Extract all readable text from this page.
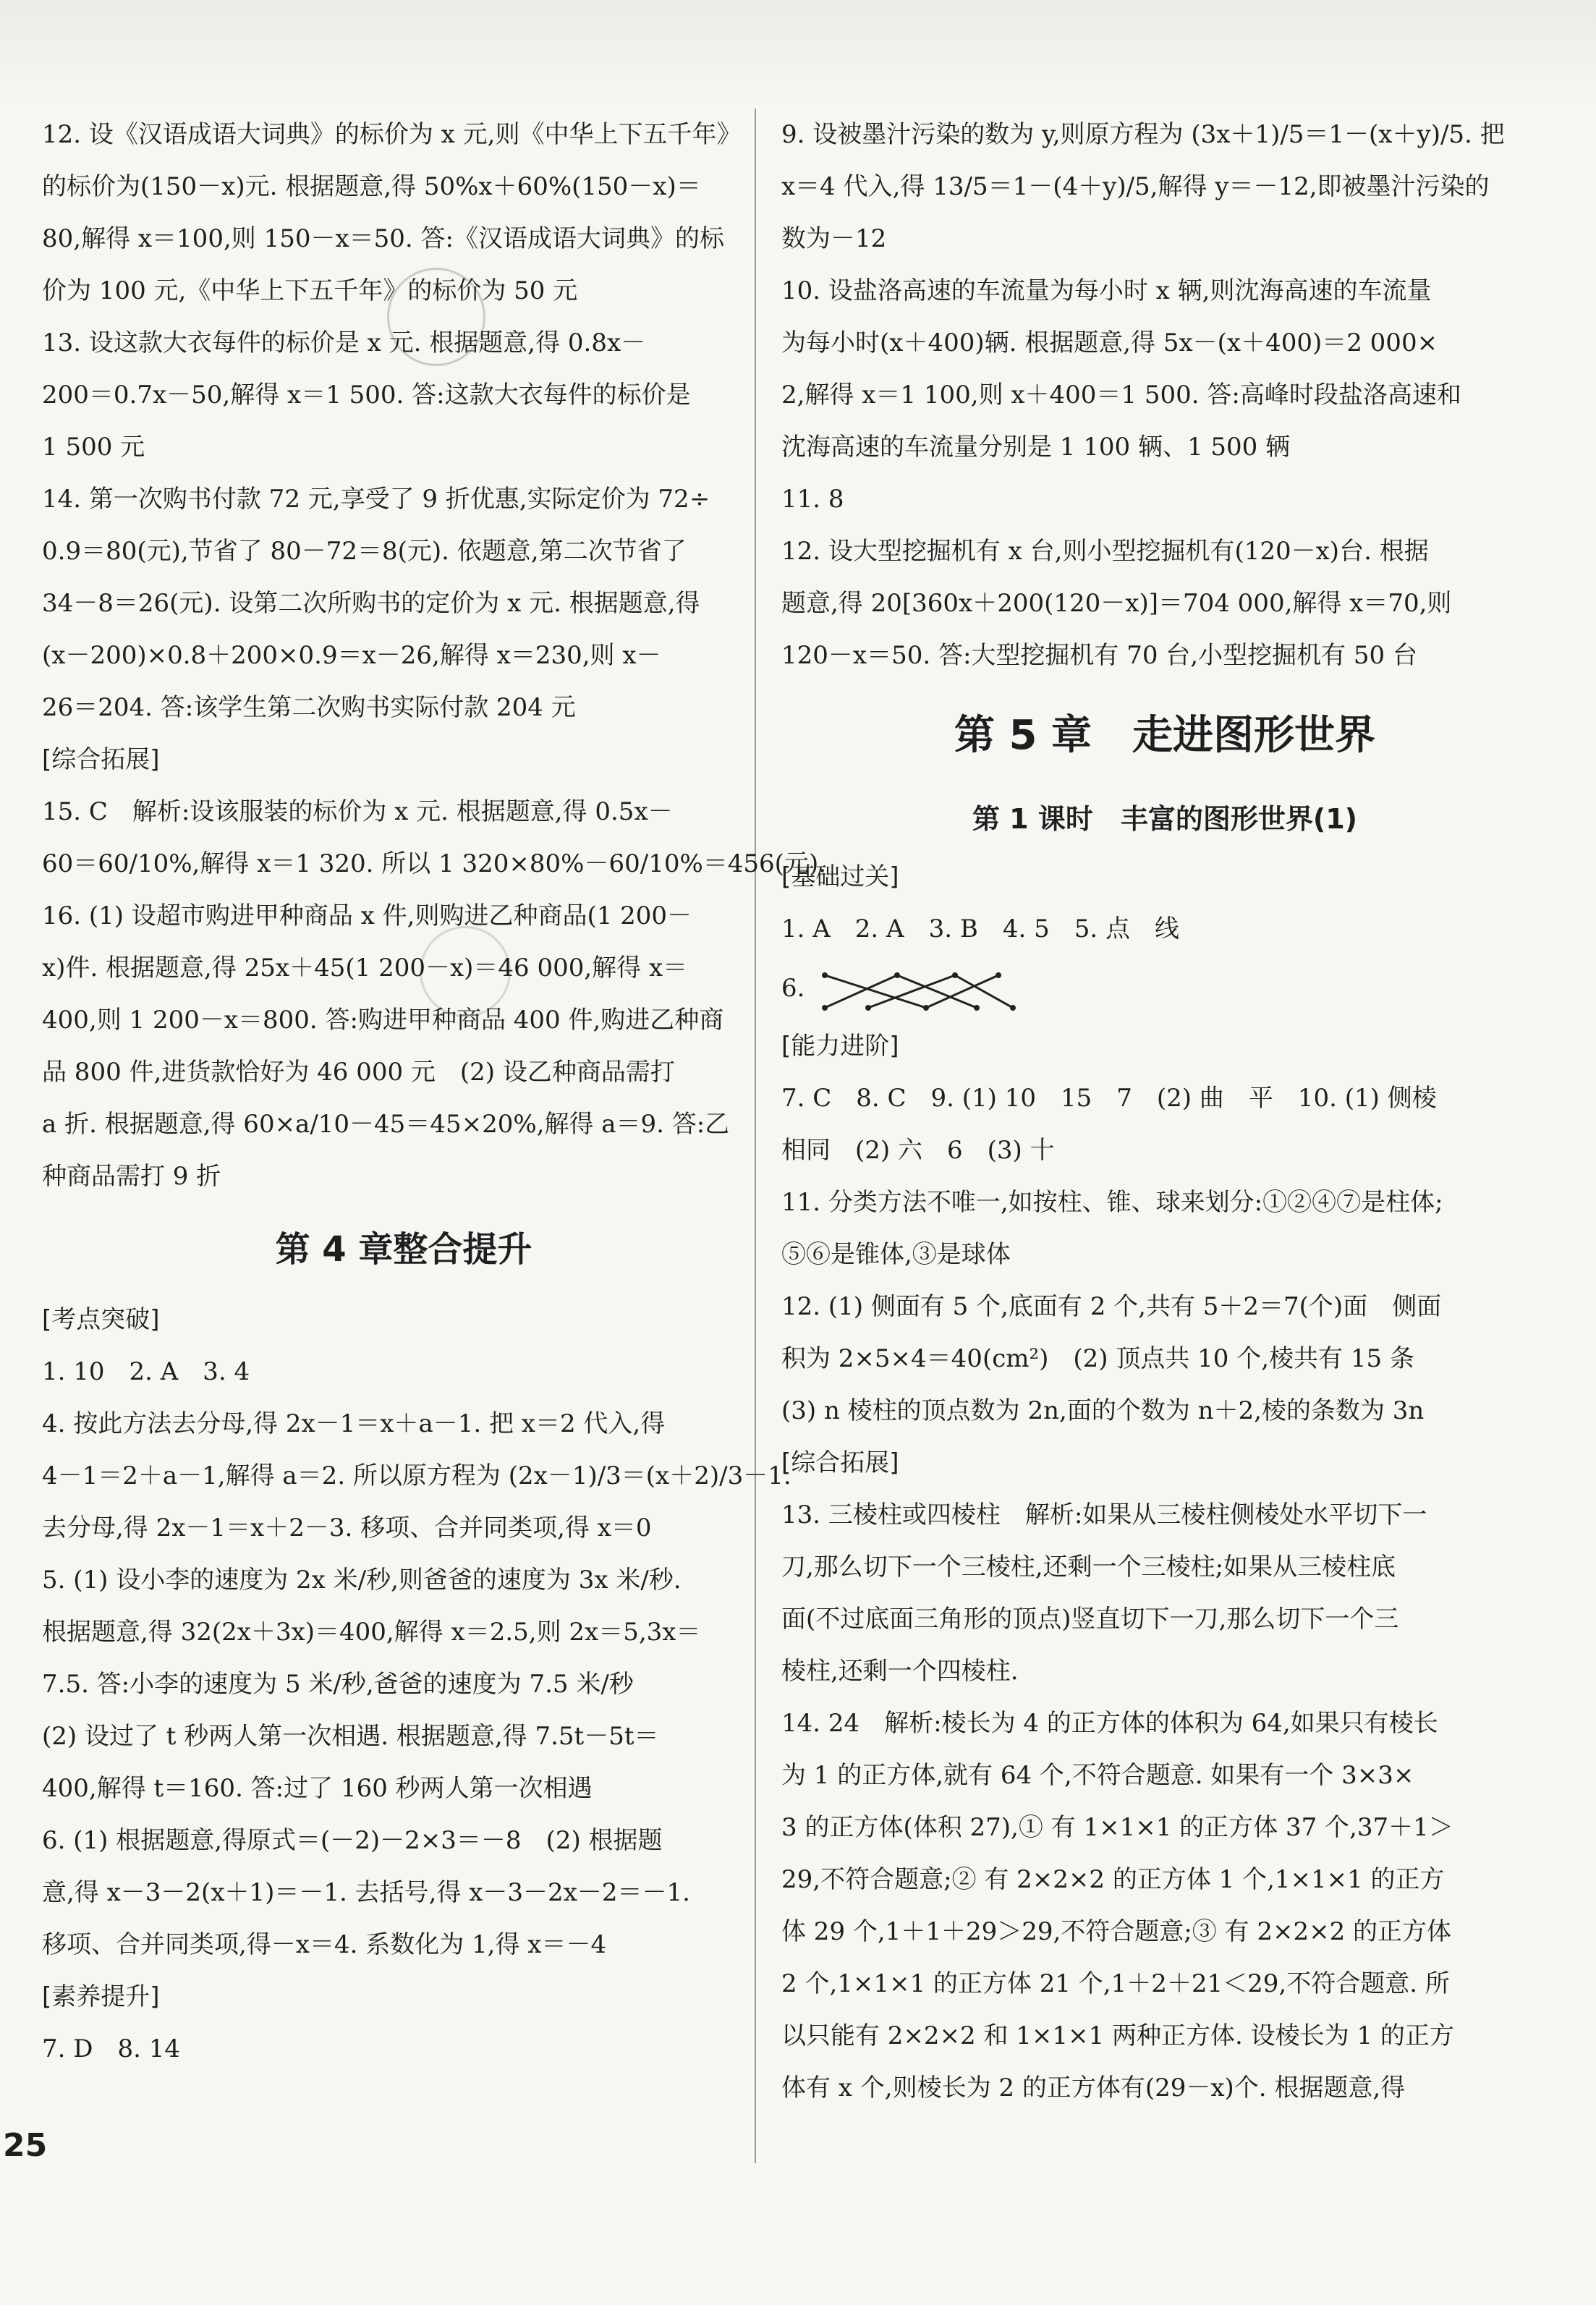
12. 设《汉语成语大词典》的标价为 x 元,则《中华上下五千年》
的标价为(150－x)元. 根据题意,得 50%x＋60%(150－x)＝
80,解得 x＝100,则 150－x＝50. 答:《汉语成语大词典》的标
价为 100 元,《中华上下五千年》的标价为 50 元
13. 设这款大衣每件的标价是 x 元. 根据题意,得 0.8x－
200＝0.7x－50,解得 x＝1 500. 答:这款大衣每件的标价是
1 500 元
14. 第一次购书付款 72 元,享受了 9 折优惠,实际定价为 72÷
0.9＝80(元),节省了 80－72＝8(元). 依题意,第二次节省了
34－8＝26(元). 设第二次所购书的定价为 x 元. 根据题意,得
(x－200)×0.8＋200×0.9＝x－26,解得 x＝230,则 x－
26＝204. 答:该学生第二次购书实际付款 204 元
[综合拓展]
15. C　解析:设该服装的标价为 x 元. 根据题意,得 0.5x－
60＝60/10%,解得 x＝1 320. 所以 1 320×80%－60/10%＝456(元).
16. (1) 设超市购进甲种商品 x 件,则购进乙种商品(1 200－
x)件. 根据题意,得 25x＋45(1 200－x)＝46 000,解得 x＝
400,则 1 200－x＝800. 答:购进甲种商品 400 件,购进乙种商
品 800 件,进货款恰好为 46 000 元　(2) 设乙种商品需打
a 折. 根据题意,得 60×a/10－45＝45×20%,解得 a＝9. 答:乙
种商品需打 9 折
第 4 章整合提升
[考点突破]
1. 10　2. A　3. 4
4. 按此方法去分母,得 2x－1＝x＋a－1. 把 x＝2 代入,得
4－1＝2＋a－1,解得 a＝2. 所以原方程为 (2x－1)/3＝(x＋2)/3－1.
去分母,得 2x－1＝x＋2－3. 移项、合并同类项,得 x＝0
5. (1) 设小李的速度为 2x 米/秒,则爸爸的速度为 3x 米/秒.
根据题意,得 32(2x＋3x)＝400,解得 x＝2.5,则 2x＝5,3x＝
7.5. 答:小李的速度为 5 米/秒,爸爸的速度为 7.5 米/秒
(2) 设过了 t 秒两人第一次相遇. 根据题意,得 7.5t－5t＝
400,解得 t＝160. 答:过了 160 秒两人第一次相遇
6. (1) 根据题意,得原式＝(－2)－2×3＝－8　(2) 根据题
意,得 x－3－2(x＋1)＝－1. 去括号,得 x－3－2x－2＝－1.
移项、合并同类项,得－x＝4. 系数化为 1,得 x＝－4
[素养提升]
7. D　8. 14
9. 设被墨汁污染的数为 y,则原方程为 (3x＋1)/5＝1－(x＋y)/5. 把
x＝4 代入,得 13/5＝1－(4＋y)/5,解得 y＝－12,即被墨汁污染的
数为－12
10. 设盐洛高速的车流量为每小时 x 辆,则沈海高速的车流量
为每小时(x＋400)辆. 根据题意,得 5x－(x＋400)＝2 000×
2,解得 x＝1 100,则 x＋400＝1 500. 答:高峰时段盐洛高速和
沈海高速的车流量分别是 1 100 辆、1 500 辆
11. 8
12. 设大型挖掘机有 x 台,则小型挖掘机有(120－x)台. 根据
题意,得 20[360x＋200(120－x)]＝704 000,解得 x＝70,则
120－x＝50. 答:大型挖掘机有 70 台,小型挖掘机有 50 台
第 5 章　走进图形世界
第 1 课时　丰富的图形世界(1)
[基础过关]
1. A　2. A　3. B　4. 5　5. 点　线
6.
[能力进阶]
7. C　8. C　9. (1) 10　15　7　(2) 曲　平　10. (1) 侧棱
相同　(2) 六　6　(3) 十
11. 分类方法不唯一,如按柱、锥、球来划分:①②④⑦是柱体;
⑤⑥是锥体,③是球体
12. (1) 侧面有 5 个,底面有 2 个,共有 5＋2＝7(个)面　侧面
积为 2×5×4＝40(cm²)　(2) 顶点共 10 个,棱共有 15 条
(3) n 棱柱的顶点数为 2n,面的个数为 n＋2,棱的条数为 3n
[综合拓展]
13. 三棱柱或四棱柱　解析:如果从三棱柱侧棱处水平切下一
刀,那么切下一个三棱柱,还剩一个三棱柱;如果从三棱柱底
面(不过底面三角形的顶点)竖直切下一刀,那么切下一个三
棱柱,还剩一个四棱柱.
14. 24　解析:棱长为 4 的正方体的体积为 64,如果只有棱长
为 1 的正方体,就有 64 个,不符合题意. 如果有一个 3×3×
3 的正方体(体积 27),① 有 1×1×1 的正方体 37 个,37＋1＞
29,不符合题意;② 有 2×2×2 的正方体 1 个,1×1×1 的正方
体 29 个,1＋1＋29＞29,不符合题意;③ 有 2×2×2 的正方体
2 个,1×1×1 的正方体 21 个,1＋2＋21＜29,不符合题意. 所
以只能有 2×2×2 和 1×1×1 两种正方体. 设棱长为 1 的正方
体有 x 个,则棱长为 2 的正方体有(29－x)个. 根据题意,得
25
